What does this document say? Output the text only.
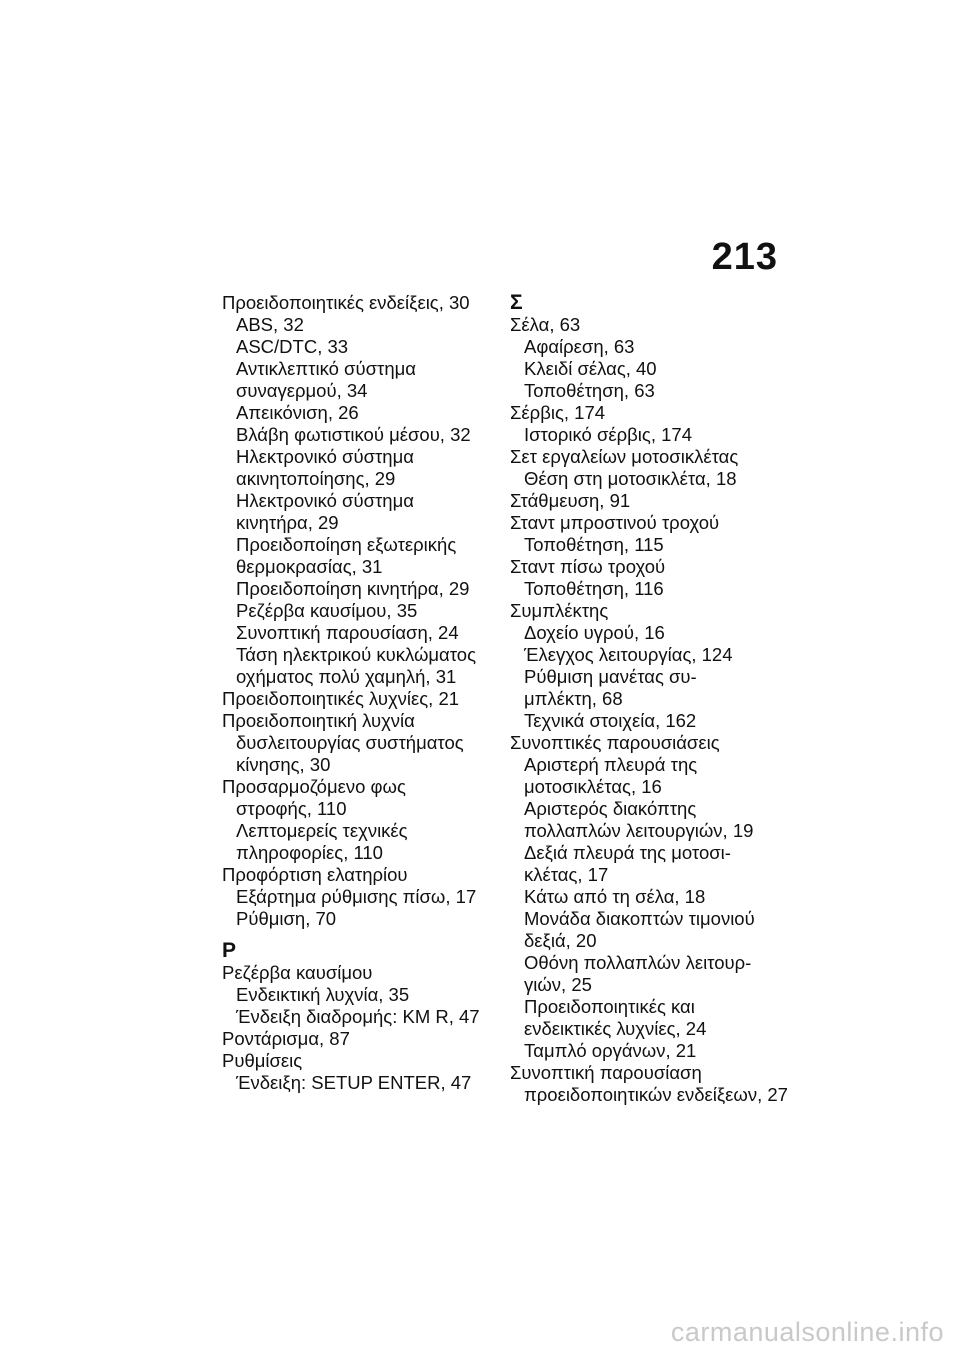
213
Προειδοποιητικές ενδείξεις, 30
ABS, 32
ASC/DTC, 33
Αντικλεπτικό σύστημα
συναγερμού, 34
Απεικόνιση, 26
Βλάβη φωτιστικού μέσου, 32
Ηλεκτρονικό σύστημα
ακινητοποίησης, 29
Ηλεκτρονικό σύστημα
κινητήρα, 29
Προειδοποίηση εξωτερικής
θερμοκρασίας, 31
Προειδοποίηση κινητήρα, 29
Ρεζέρβα καυσίμου, 35
Συνοπτική παρουσίαση, 24
Τάση ηλεκτρικού κυκλώματος
οχήματος πολύ χαμηλή, 31
Προειδοποιητικές λυχνίες, 21
Προειδοποιητική λυχνία
δυσλειτουργίας συστήματος
κίνησης, 30
Προσαρμοζόμενο φως
στροφής, 110
Λεπτομερείς τεχνικές
πληροφορίες, 110
Προφόρτιση ελατηρίου
Εξάρτημα ρύθμισης πίσω, 17
Ρύθμιση, 70
Ρ
Ρεζέρβα καυσίμου
Ενδεικτική λυχνία, 35
Ένδειξη διαδρομής: KM R, 47
Ροντάρισμα, 87
Ρυθμίσεις
Ένδειξη: SETUP ENTER, 47
Σ
Σέλα, 63
Αφαίρεση, 63
Κλειδί σέλας, 40
Τοποθέτηση, 63
Σέρβις, 174
Ιστορικό σέρβις, 174
Σετ εργαλείων μοτοσικλέτας
Θέση στη μοτοσικλέτα, 18
Στάθμευση, 91
Σταντ μπροστινού τροχού
Τοποθέτηση, 115
Σταντ πίσω τροχού
Τοποθέτηση, 116
Συμπλέκτης
Δοχείο υγρού, 16
Έλεγχος λειτουργίας, 124
Ρύθμιση μανέτας συ-
μπλέκτη, 68
Τεχνικά στοιχεία, 162
Συνοπτικές παρουσιάσεις
Αριστερή πλευρά της
μοτοσικλέτας, 16
Αριστερός διακόπτης
πολλαπλών λειτουργιών, 19
Δεξιά πλευρά της μοτοσι-
κλέτας, 17
Κάτω από τη σέλα, 18
Μονάδα διακοπτών τιμονιού
δεξιά, 20
Οθόνη πολλαπλών λειτουρ-
γιών, 25
Προειδοποιητικές και
ενδεικτικές λυχνίες, 24
Ταμπλό οργάνων, 21
Συνοπτική παρουσίαση
προειδοποιητικών ενδείξεων, 27
carmanualsonline.info
